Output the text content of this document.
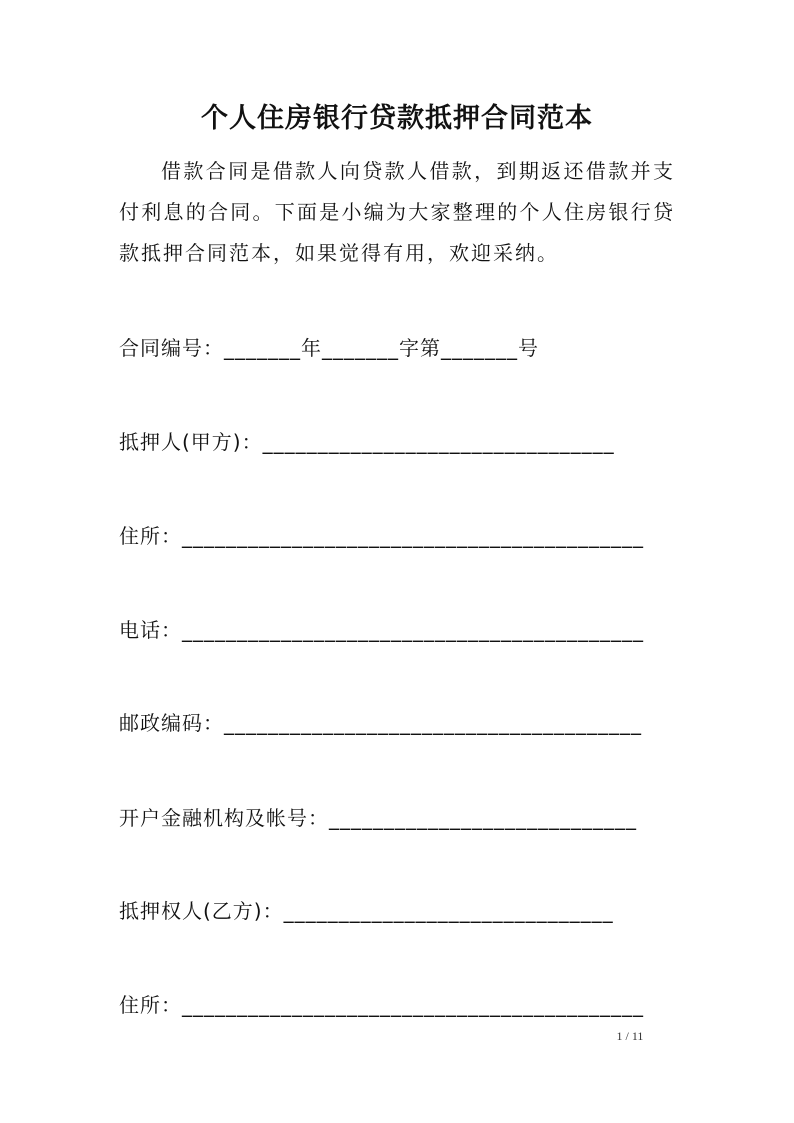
个人住房银行贷款抵押合同范本

借款合同是借款人向贷款人借款，到期返还借款并支付利息的合同。下面是小编为大家整理的个人住房银行贷款抵押合同范本，如果觉得有用，欢迎采纳。

合同编号：_______年_______字第_______号
抵押人(甲方)：________________________________
住所：__________________________________________
电话：__________________________________________
邮政编码：______________________________________
开户金融机构及帐号：____________________________
抵押权人(乙方)：______________________________
住所：__________________________________________
1 / 11
